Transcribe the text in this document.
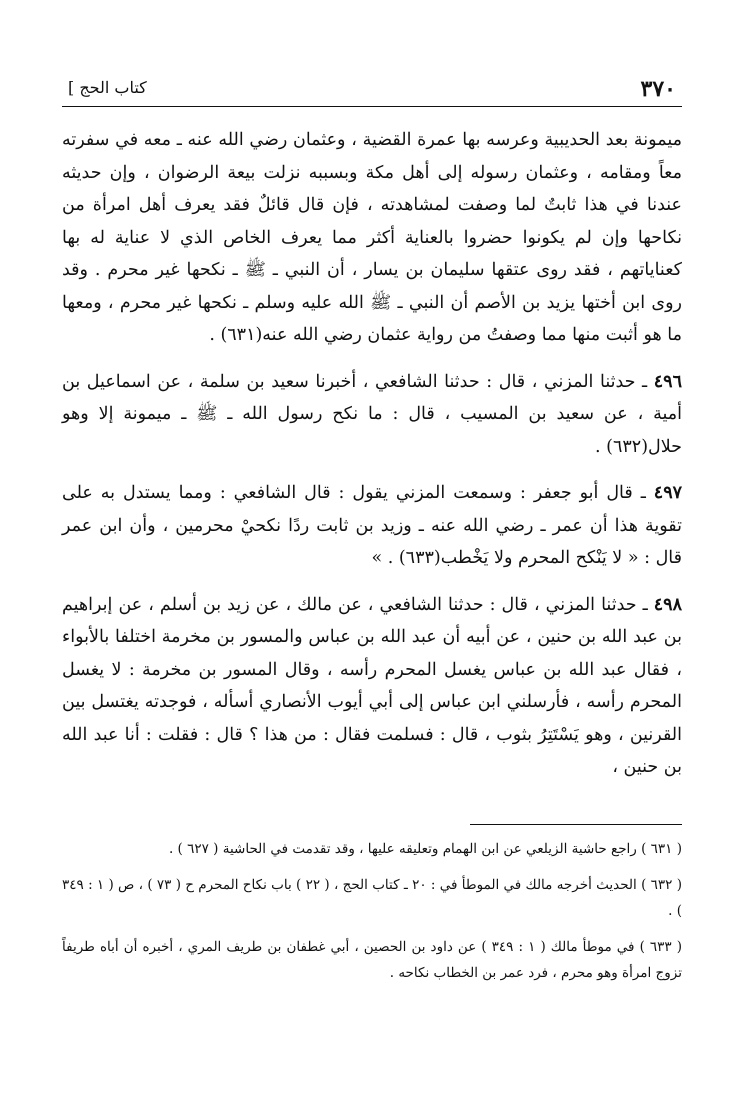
٣٧٠
كتاب الحج ]

ميمونة بعد الحديبية وعرسه بها عمرة القضية ، وعثمان رضي الله عنه ـ معه في سفرته معاً ومقامه ، وعثمان رسوله إلى أهل مكة وبسببه نزلت بيعة الرضوان ، وإن حديثه عندنا في هذا ثابتٌ لما وصفت لمشاهدته ، فإن قال قائلٌ فقد يعرف أهل امرأة من نكاحها وإن لم يكونوا حضروا بالعناية أكثر مما يعرف الخاص الذي لا عناية له بها كعناياتهم ، فقد روى عتقها سليمان بن يسار ، أن النبي ـ ﷺ ـ نكحها غير محرم . وقد روى ابن أختها يزيد بن الأصم أن النبي ـ ﷺ الله عليه وسلم ـ نكحها غير محرم ، ومعها ما هو أثبت منها مما وصفتُ من رواية عثمان رضي الله عنه(٦٣١) .

٤٩٦ ـ حدثنا المزني ، قال : حدثنا الشافعي ، أخبرنا سعيد بن سلمة ، عن اسماعيل بن أمية ، عن سعيد بن المسيب ، قال : ما نكح رسول الله ـ ﷺ ـ ميمونة إلا وهو حلال(٦٣٢) .

٤٩٧ ـ قال أبو جعفر : وسمعت المزني يقول : قال الشافعي : ومما يستدل به على تقوية هذا أن عمر ـ رضي الله عنه ـ وزيد بن ثابت ردًا نكحيْ محرمين ، وأن ابن عمر قال : « لا يَنْكح المحرم ولا يَخْطب(٦٣٣) . »

٤٩٨ ـ حدثنا المزني ، قال : حدثنا الشافعي ، عن مالك ، عن زيد بن أسلم ، عن إبراهيم بن عبد الله بن حنين ، عن أبيه أن عبد الله بن عباس والمسور بن مخرمة اختلفا بالأبواء ، فقال عبد الله بن عباس يغسل المحرم رأسه ، وقال المسور بن مخرمة : لا يغسل المحرم رأسه ، فأرسلني ابن عباس إلى أبي أيوب الأنصاري أسأله ، فوجدته يغتسل بين القرنين ، وهو يَسْتَتِرُ بثوب ، قال : فسلمت فقال : من هذا ؟ قال : فقلت : أنا عبد الله بن حنين ،

( ٦٣١ ) راجع حاشية الزيلعي عن ابن الهمام وتعليقه عليها ، وقد تقدمت في الحاشية ( ٦٢٧ ) .

( ٦٣٢ ) الحديث أخرجه مالك في الموطأ في : ٢٠ ـ كتاب الحج ، ( ٢٢ ) باب نكاح المحرم ح ( ٧٣ ) ، ص ( ١ : ٣٤٩ ) .

( ٦٣٣ ) في موطأ مالك ( ١ : ٣٤٩ ) عن داود بن الحصين ، أبي غطفان بن طريف المري ، أخبره أن أباه طريفاً تزوج امرأة وهو محرم ، فرد عمر بن الخطاب نكاحه .
